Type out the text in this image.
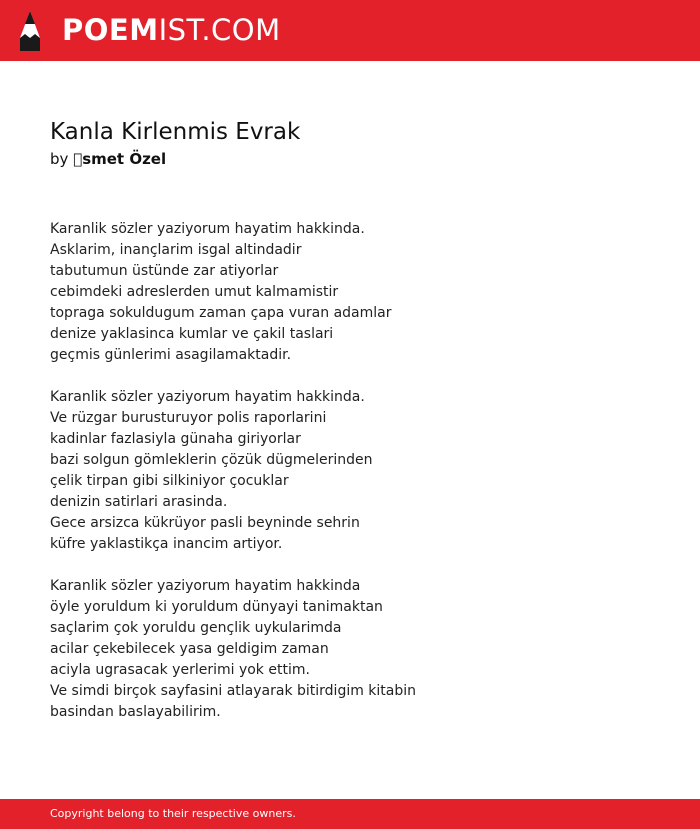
POEMIST.COM
Kanla Kirlenmis Evrak
by  smet Özel
Karanlik sözler yaziyorum hayatim hakkinda.
Asklarim, inançlarim isgal altindadir
tabutumun üstünde zar atiyorlar
cebimdeki adreslerden umut kalmamistir
topraga sokuldugum zaman çapa vuran adamlar
denize yaklasinca kumlar ve çakil taslari
geçmis günlerimi asagilamaktadir.
Karanlik sözler yaziyorum hayatim hakkinda.
Ve rüzgar burusturuyor polis raporlarini
kadinlar fazlasiyla günaha giriyorlar
bazi solgun gömleklerin çözük dügmelerinden
çelik tirpan gibi silkiniyor çocuklar
denizin satirlari arasinda.
Gece arsizca kükrüyor pasli beyninde sehrin
küfre yaklastikça inancim artiyor.
Karanlik sözler yaziyorum hayatim hakkinda
öyle yoruldum ki yoruldum dünyayi tanimaktan
saçlarim çok yoruldu gençlik uykularimda
acilar çekebilecek yasa geldigim zaman
aciyla ugrasacak yerlerimi yok ettim.
Ve simdi birçok sayfasini atlayarak bitirdigim kitabin
basindan baslayabilirim.
Copyright belong to their respective owners.
